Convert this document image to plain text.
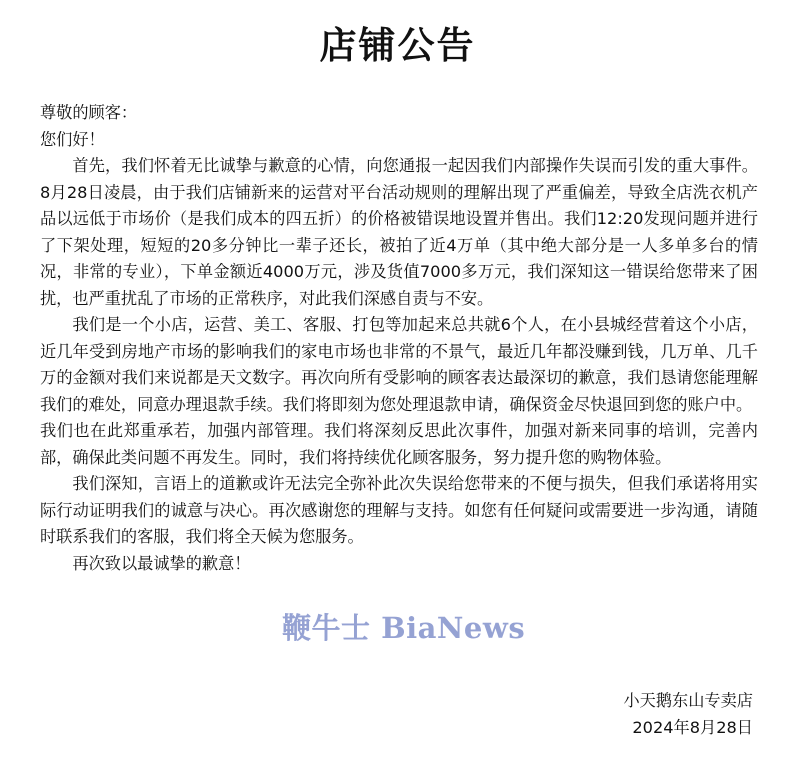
店铺公告

尊敬的顾客：

您们好！

首先，我们怀着无比诚挚与歉意的心情，向您通报一起因我们内部操作失误而引发的重大事件。8月28日凌晨，由于我们店铺新来的运营对平台活动规则的理解出现了严重偏差，导致全店洗衣机产品以远低于市场价（是我们成本的四五折）的价格被错误地设置并售出。我们12:20发现问题并进行了下架处理，短短的20多分钟比一辈子还长，被拍了近4万单（其中绝大部分是一人多单多台的情况，非常的专业），下单金额近4000万元，涉及货值7000多万元，我们深知这一错误给您带来了困扰，也严重扰乱了市场的正常秩序，对此我们深感自责与不安。

我们是一个小店，运营、美工、客服、打包等加起来总共就6个人，在小县城经营着这个小店，近几年受到房地产市场的影响我们的家电市场也非常的不景气，最近几年都没赚到钱，几万单、几千万的金额对我们来说都是天文数字。再次向所有受影响的顾客表达最深切的歉意，我们恳请您能理解我们的难处，同意办理退款手续。我们将即刻为您处理退款申请，确保资金尽快退回到您的账户中。

我们也在此郑重承若，加强内部管理。我们将深刻反思此次事件，加强对新来同事的培训，完善内部，确保此类问题不再发生。同时，我们将持续优化顾客服务，努力提升您的购物体验。

我们深知，言语上的道歉或许无法完全弥补此次失误给您带来的不便与损失，但我们承诺将用实际行动证明我们的诚意与决心。再次感谢您的理解与支持。如您有任何疑问或需要进一步沟通，请随时联系我们的客服，我们将全天候为您服务。

再次致以最诚挚的歉意！

鞭牛士 BiaNews
小天鹅东山专卖店
2024年8月28日
